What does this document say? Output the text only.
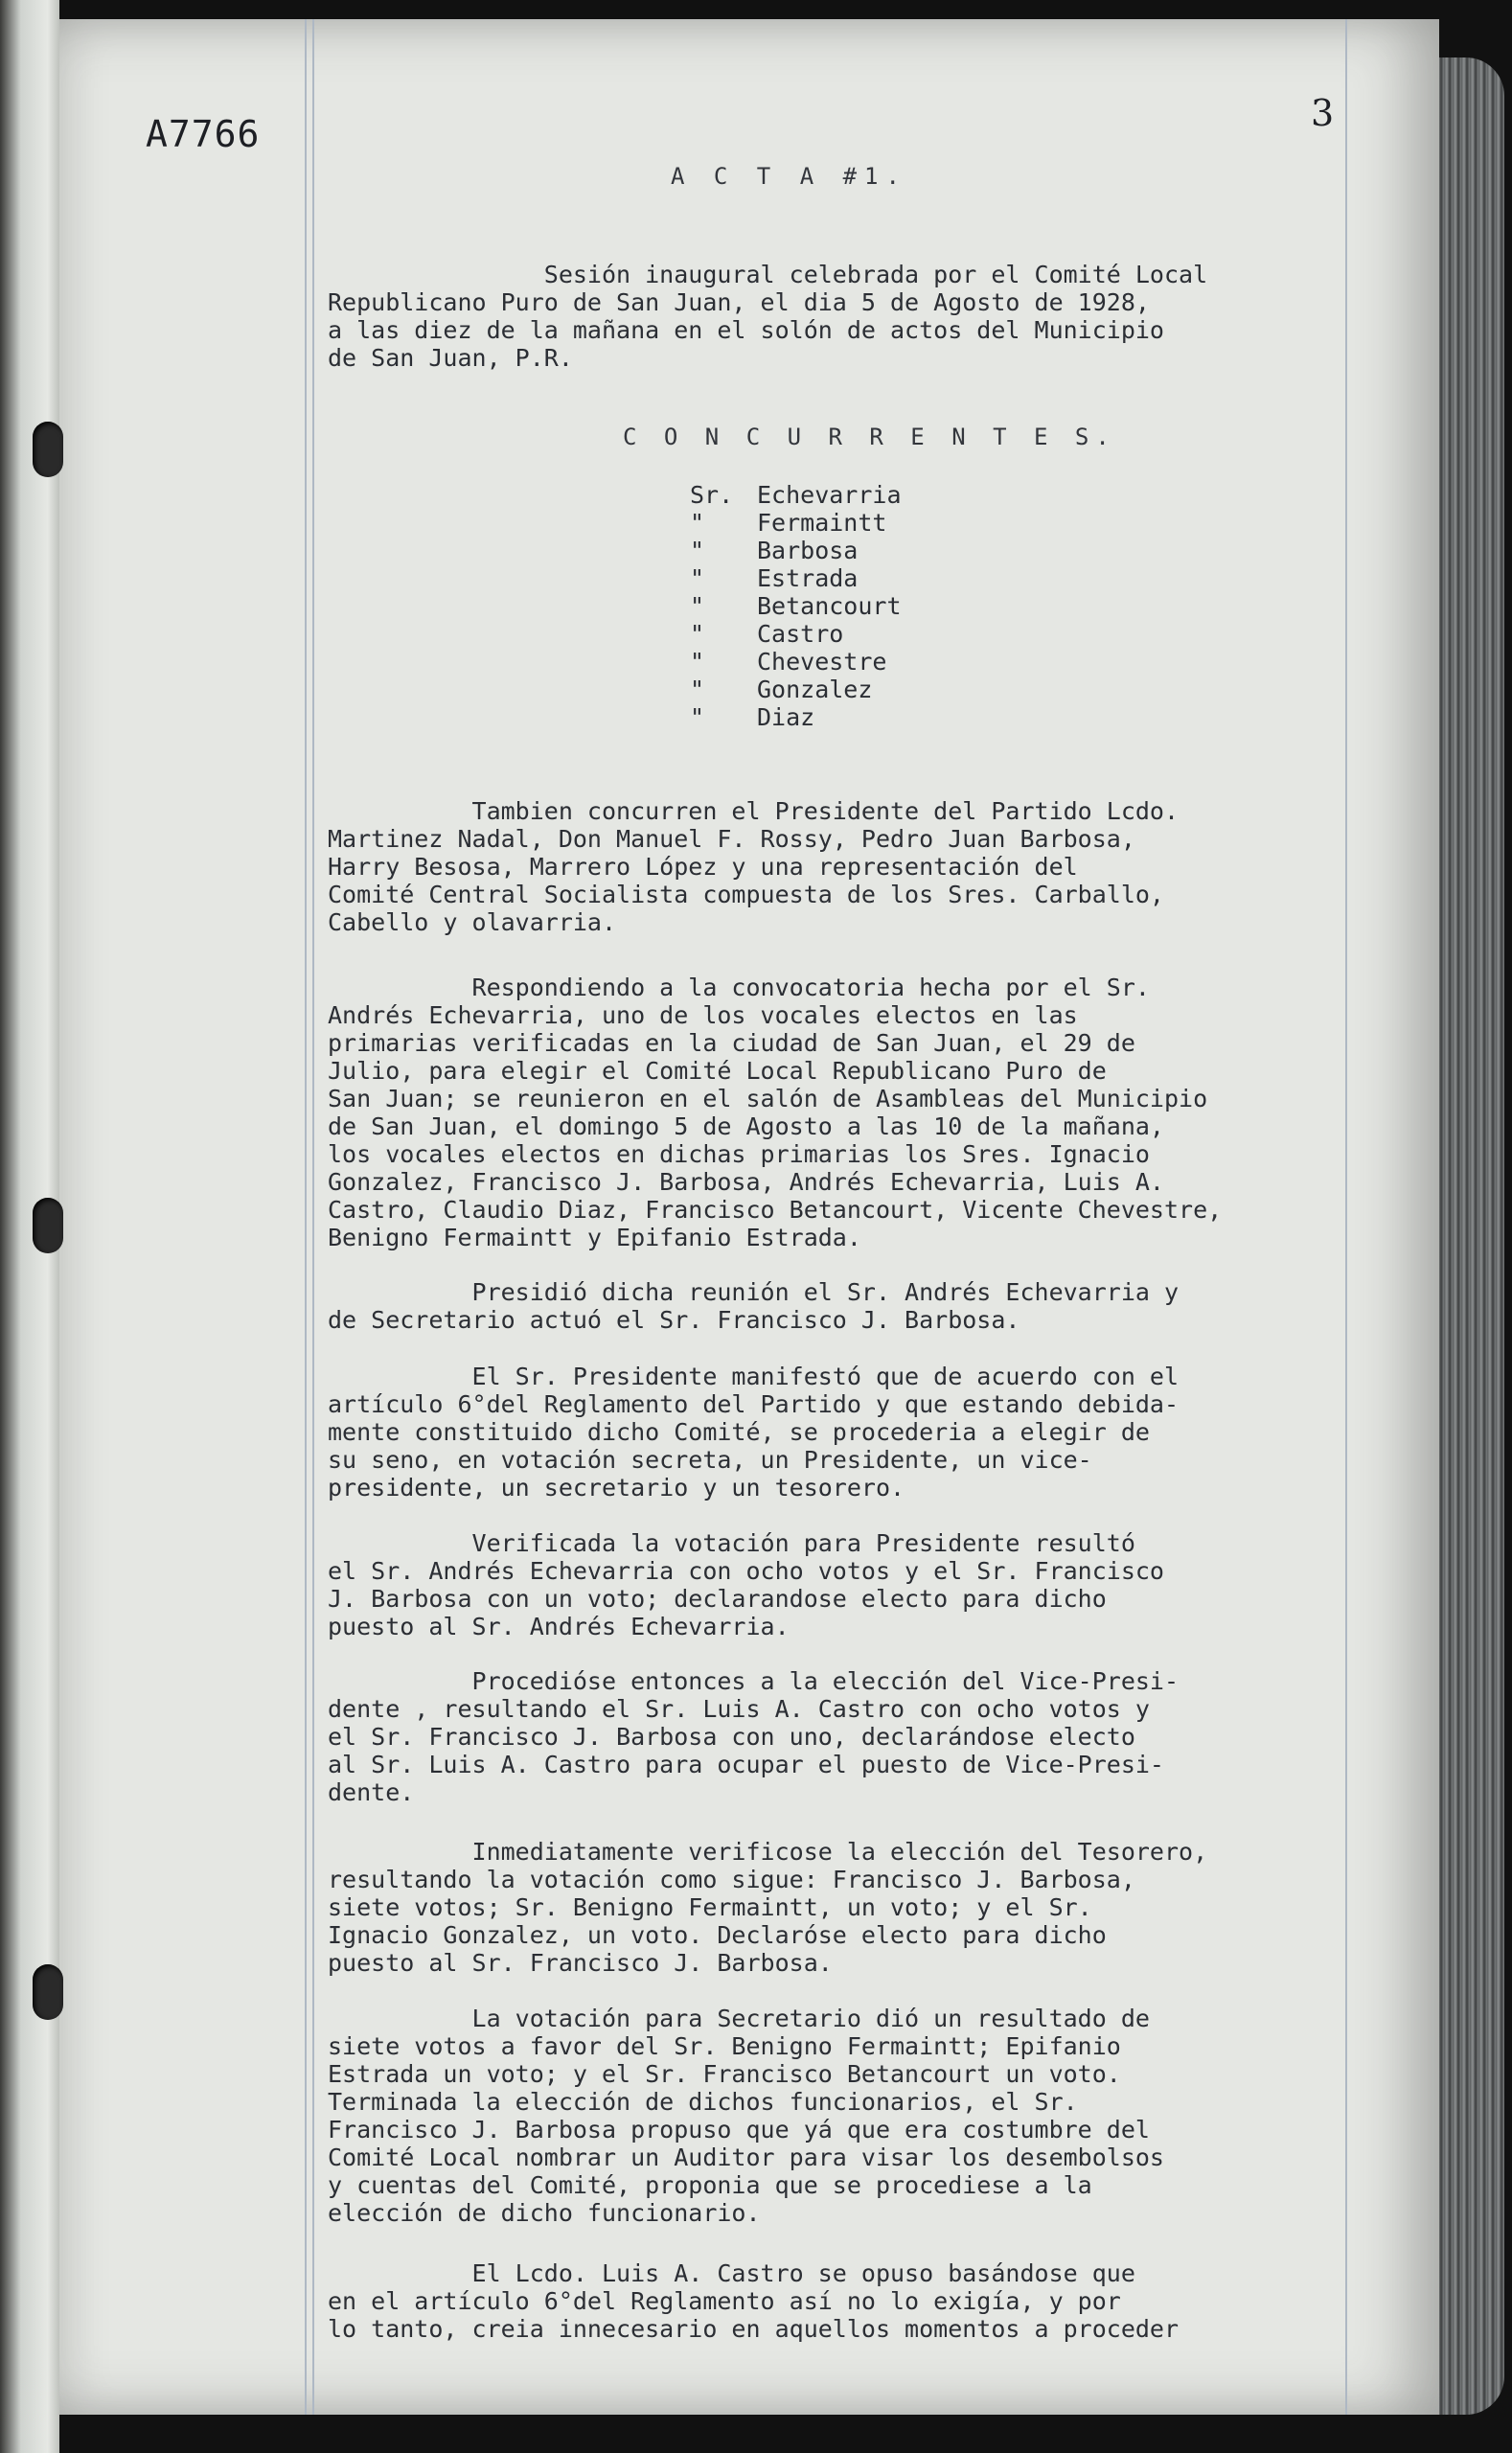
A7766	3
A C T A #1.
Sesión inaugural celebrada por el Comité Local
Republicano Puro de San Juan, el dia 5 de Agosto de 1928,
a las diez de la mañana en el solón de actos del Municipio
de San Juan, P.R.
C O N C U R R E N T E S.
Sr. Echevarria
" Fermaintt
" Barbosa
" Estrada
" Betancourt
" Castro
" Chevestre
" Gonzalez
" Diaz
Tambien concurren el Presidente del Partido Lcdo.
Martinez Nadal, Don Manuel F. Rossy, Pedro Juan Barbosa,
Harry Besosa, Marrero López y una representación del
Comité Central Socialista compuesta de los Sres. Carballo,
Cabello y olavarria.
Respondiendo a la convocatoria hecha por el Sr.
Andrés Echevarria, uno de los vocales electos en las
primarias verificadas en la ciudad de San Juan, el 29 de
Julio, para elegir el Comité Local Republicano Puro de
San Juan; se reunieron en el salón de Asambleas del Municipio
de San Juan, el domingo 5 de Agosto a las 10 de la mañana,
los vocales electos en dichas primarias los Sres. Ignacio
Gonzalez, Francisco J. Barbosa, Andrés Echevarria, Luis A.
Castro, Claudio Diaz, Francisco Betancourt, Vicente Chevestre,
Benigno Fermaintt y Epifanio Estrada.
Presidió dicha reunión el Sr. Andrés Echevarria y
de Secretario actuó el Sr. Francisco J. Barbosa.
El Sr. Presidente manifestó que de acuerdo con el
artículo 6°del Reglamento del Partido y que estando debida-
mente constituido dicho Comité, se procederia a elegir de
su seno, en votación secreta, un Presidente, un vice-
presidente, un secretario y un tesorero.
Verificada la votación para Presidente resultó
el Sr. Andrés Echevarria con ocho votos y el Sr. Francisco
J. Barbosa con un voto; declarandose electo para dicho
puesto al Sr. Andrés Echevarria.
Procedióse entonces a la elección del Vice-Presi-
dente , resultando el Sr. Luis A. Castro con ocho votos y
el Sr. Francisco J. Barbosa con uno, declarándose electo
al Sr. Luis A. Castro para ocupar el puesto de Vice-Presi-
dente.
Inmediatamente verificose la elección del Tesorero,
resultando la votación como sigue: Francisco J. Barbosa,
siete votos; Sr. Benigno Fermaintt, un voto; y el Sr.
Ignacio Gonzalez, un voto. Declaróse electo para dicho
puesto al Sr. Francisco J. Barbosa.
La votación para Secretario dió un resultado de
siete votos a favor del Sr. Benigno Fermaintt; Epifanio
Estrada un voto; y el Sr. Francisco Betancourt un voto.
Terminada la elección de dichos funcionarios, el Sr.
Francisco J. Barbosa propuso que yá que era costumbre del
Comité Local nombrar un Auditor para visar los desembolsos
y cuentas del Comité, proponia que se procediese a la
elección de dicho funcionario.
El Lcdo. Luis A. Castro se opuso basándose que
en el artículo 6°del Reglamento así no lo exigía, y por
lo tanto, creia innecesario en aquellos momentos a proceder
